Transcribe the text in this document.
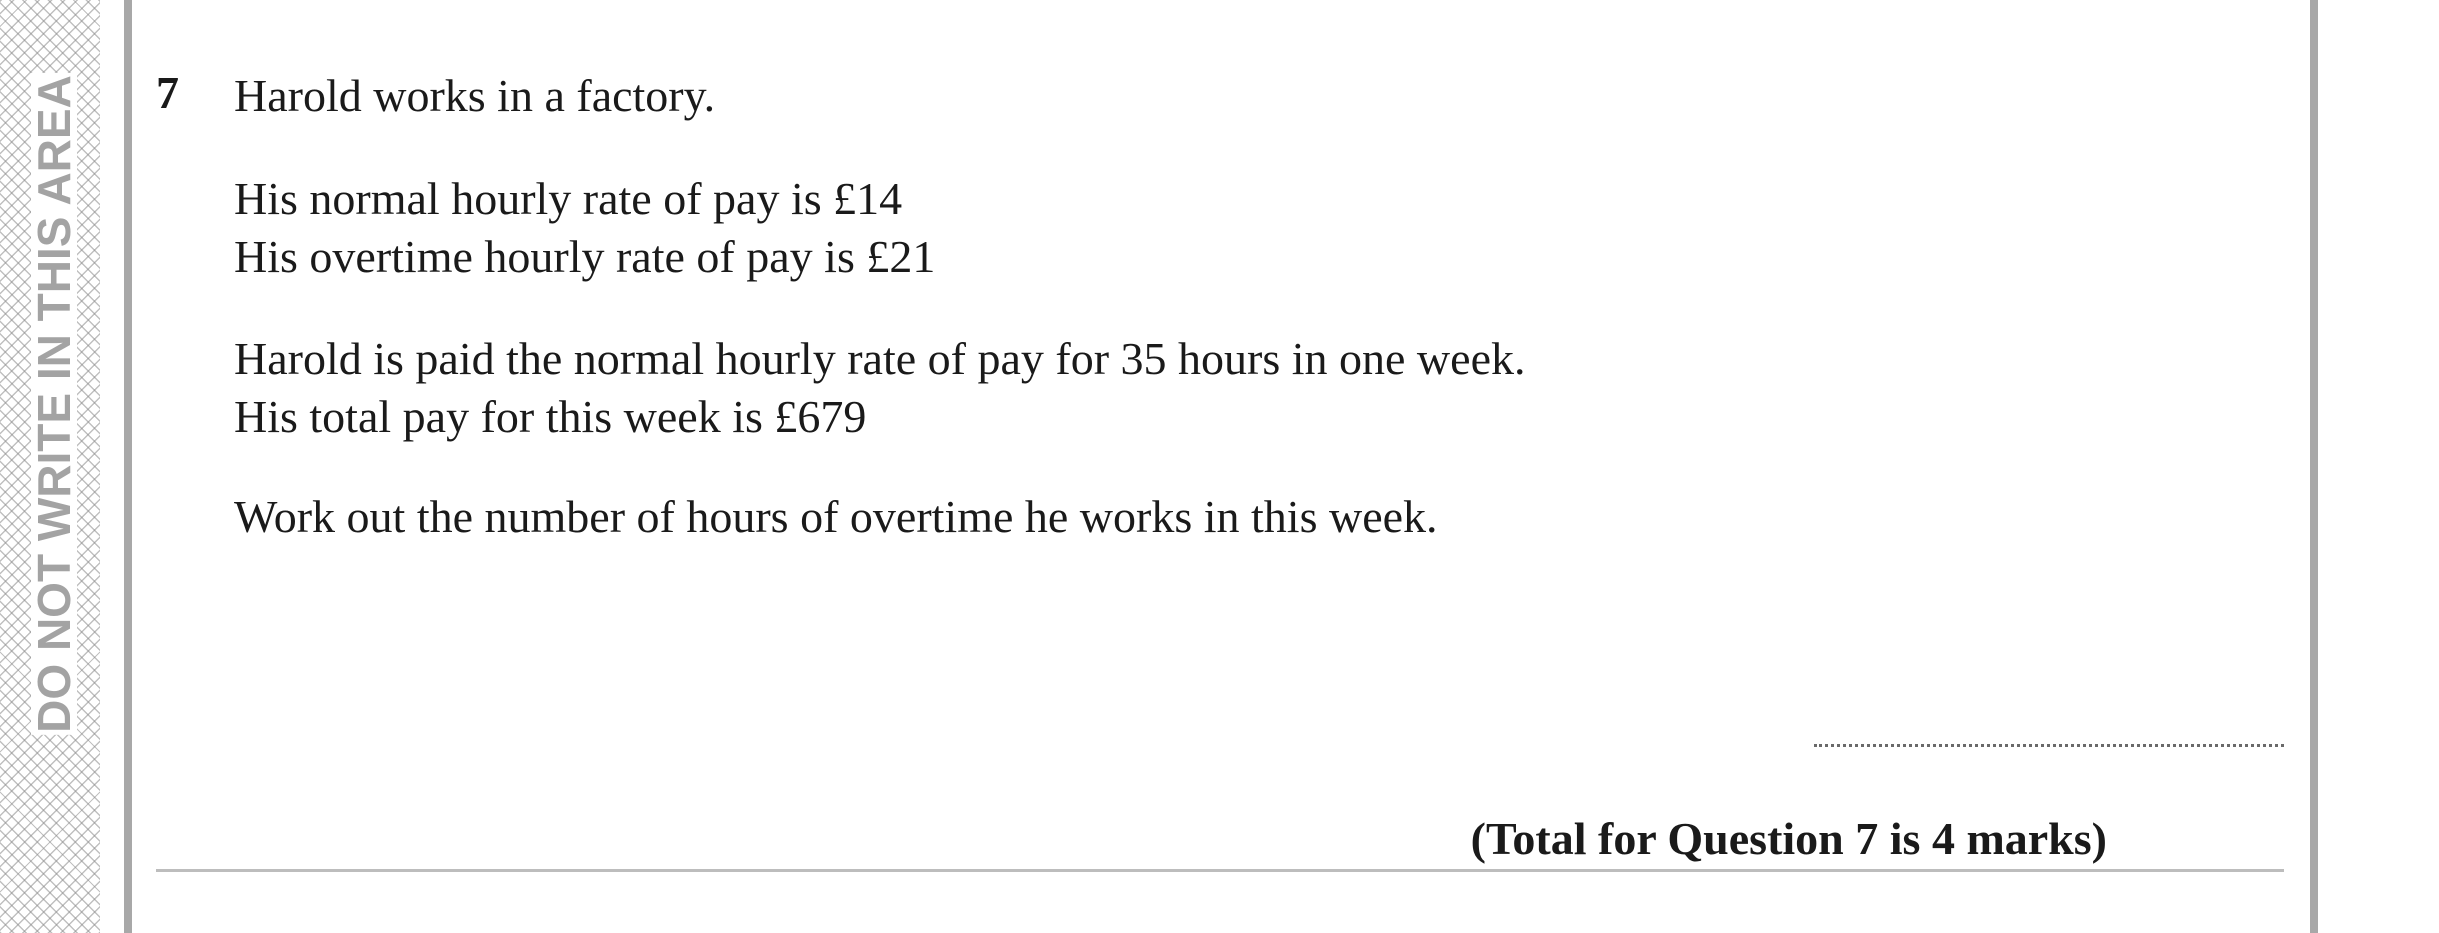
DO NOT WRITE IN THIS AREA 7 Harold works in a factory.
His normal hourly rate of pay is £14
His overtime hourly rate of pay is £21
Harold is paid the normal hourly rate of pay for 35 hours in one week.
His total pay for this week is £679
Work out the number of hours of overtime he works in this week.
(Total for Question 7 is 4 marks)
